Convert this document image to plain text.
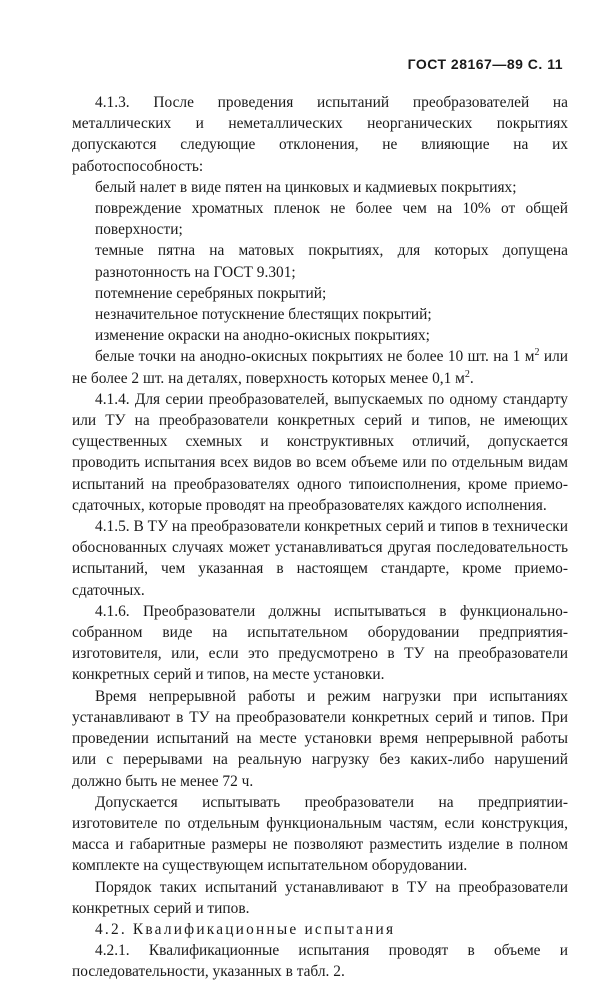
ГОСТ 28167—89 С. 11

4.1.3. После проведения испытаний преобразователей на металлических и неметаллических неорганических покрытиях допускаются следующие отклонения, не влияющие на их работоспособность:

белый налет в виде пятен на цинковых и кадмиевых покрытиях;

повреждение хроматных пленок не более чем на 10% от общей поверхности;

темные пятна на матовых покрытиях, для которых допущена разнотонность на ГОСТ 9.301;

потемнение серебряных покрытий;

незначительное потускнение блестящих покрытий;

изменение окраски на анодно-окисных покрытиях;

белые точки на анодно-окисных покрытиях не более 10 шт. на 1 $м^2$ или не более 2 шт. на деталях, поверхность которых менее 0,1 $м^2$.

4.1.4. Для серии преобразователей, выпускаемых по одному стандарту или ТУ на преобразователи конкретных серий и типов, не имеющих существенных схемных и конструктивных отличий, допускается проводить испытания всех видов во всем объеме или по отдельным видам испытаний на преобразователях одного типоисполнения, кроме приемо-сдаточных, которые проводят на преобразователях каждого исполнения.

4.1.5. В ТУ на преобразователи конкретных серий и типов в технически обоснованных случаях может устанавливаться другая последовательность испытаний, чем указанная в настоящем стандарте, кроме приемо-сдаточных.

4.1.6. Преобразователи должны испытываться в функционально-собранном виде на испытательном оборудовании предприятия-изготовителя, или, если это предусмотрено в ТУ на преобразователи конкретных серий и типов, на месте установки.

Время непрерывной работы и режим нагрузки при испытаниях устанавливают в ТУ на преобразователи конкретных серий и типов. При проведении испытаний на месте установки время непрерывной работы или с перерывами на реальную нагрузку без каких-либо нарушений должно быть не менее 72 ч.

Допускается испытывать преобразователи на предприятии-изготовителе по отдельным функциональным частям, если конструкция, масса и габаритные размеры не позволяют разместить изделие в полном комплекте на существующем испытательном оборудовании.

Порядок таких испытаний устанавливают в ТУ на преобразователи конкретных серий и типов.

4.2. Квалификационные испытания

4.2.1. Квалификационные испытания проводят в объеме и последовательности, указанных в табл. 2.
